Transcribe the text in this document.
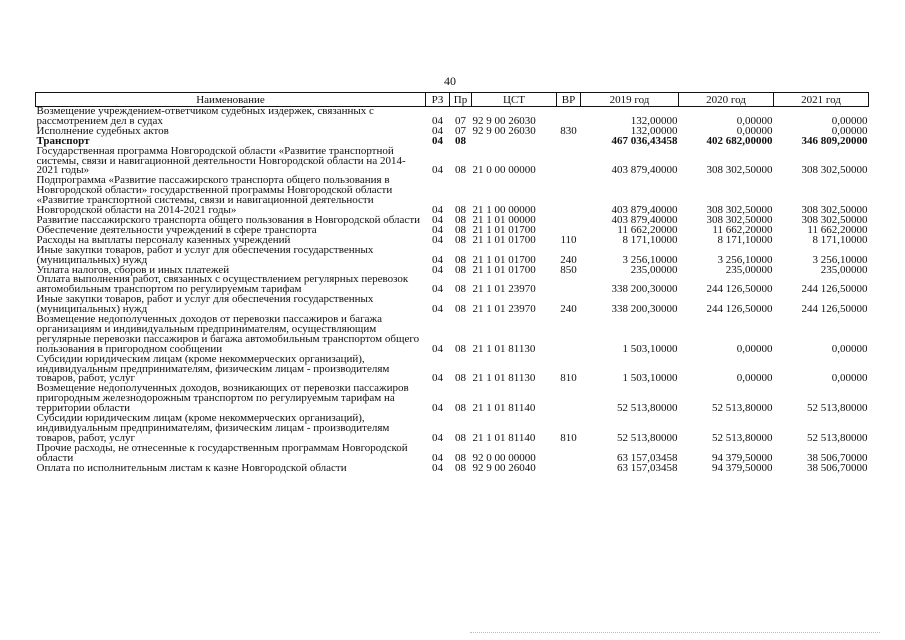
40
Наименование	РЗ	Пр	ЦСТ	ВР	2019 год	2020 год	2021 год
Возмещение учреждением-ответчиком судебных издержек, связанных с рассмотрением дел в судах	04	07	92 9 00 26030		132,00000	0,00000	0,00000
Исполнение судебных актов	04	07	92 9 00 26030	830	132,00000	0,00000	0,00000
Транспорт	04	08			467 036,43458	402 682,00000	346 809,20000
Государственная программа Новгородской области «Развитие транспортной системы, связи и навигационной деятельности Новгородской области на 2014-2021 годы»	04	08	21 0 00 00000		403 879,40000	308 302,50000	308 302,50000
Подпрограмма «Развитие пассажирского транспорта общего пользования в Новгородской области» государственной программы Новгородской области «Развитие транспортной системы, связи и навигационной деятельности Новгородской области на 2014-2021 годы»	04	08	21 1 00 00000		403 879,40000	308 302,50000	308 302,50000
Развитие пассажирского транспорта общего пользования в Новгородской области	04	08	21 1 01 00000		403 879,40000	308 302,50000	308 302,50000
Обеспечение деятельности учреждений в сфере транспорта	04	08	21 1 01 01700		11 662,20000	11 662,20000	11 662,20000
Расходы на выплаты персоналу казенных учреждений	04	08	21 1 01 01700	110	8 171,10000	8 171,10000	8 171,10000
Иные закупки товаров, работ и услуг для обеспечения государственных (муниципальных) нужд	04	08	21 1 01 01700	240	3 256,10000	3 256,10000	3 256,10000
Уплата налогов, сборов и иных платежей	04	08	21 1 01 01700	850	235,00000	235,00000	235,00000
Оплата выполнения работ, связанных с осуществлением регулярных перевозок автомобильным транспортом по регулируемым тарифам	04	08	21 1 01 23970		338 200,30000	244 126,50000	244 126,50000
Иные закупки товаров, работ и услуг для обеспечения государственных (муниципальных) нужд	04	08	21 1 01 23970	240	338 200,30000	244 126,50000	244 126,50000
Возмещение недополученных доходов от перевозки пассажиров и багажа организациям и индивидуальным предпринимателям, осуществляющим регулярные перевозки пассажиров и багажа автомобильным транспортом общего пользования в пригородном сообщении	04	08	21 1 01 81130		1 503,10000	0,00000	0,00000
Субсидии юридическим лицам (кроме некоммерческих организаций), индивидуальным предпринимателям, физическим лицам - производителям товаров, работ, услуг	04	08	21 1 01 81130	810	1 503,10000	0,00000	0,00000
Возмещение недополученных доходов, возникающих от перевозки пассажиров пригородным железнодорожным транспортом по регулируемым тарифам на территории области	04	08	21 1 01 81140		52 513,80000	52 513,80000	52 513,80000
Субсидии юридическим лицам (кроме некоммерческих организаций), индивидуальным предпринимателям, физическим лицам - производителям товаров, работ, услуг	04	08	21 1 01 81140	810	52 513,80000	52 513,80000	52 513,80000
Прочие расходы, не отнесенные к государственным программам Новгородской области	04	08	92 0 00 00000		63 157,03458	94 379,50000	38 506,70000
Оплата по исполнительным листам к казне Новгородской области	04	08	92 9 00 26040		63 157,03458	94 379,50000	38 506,70000
